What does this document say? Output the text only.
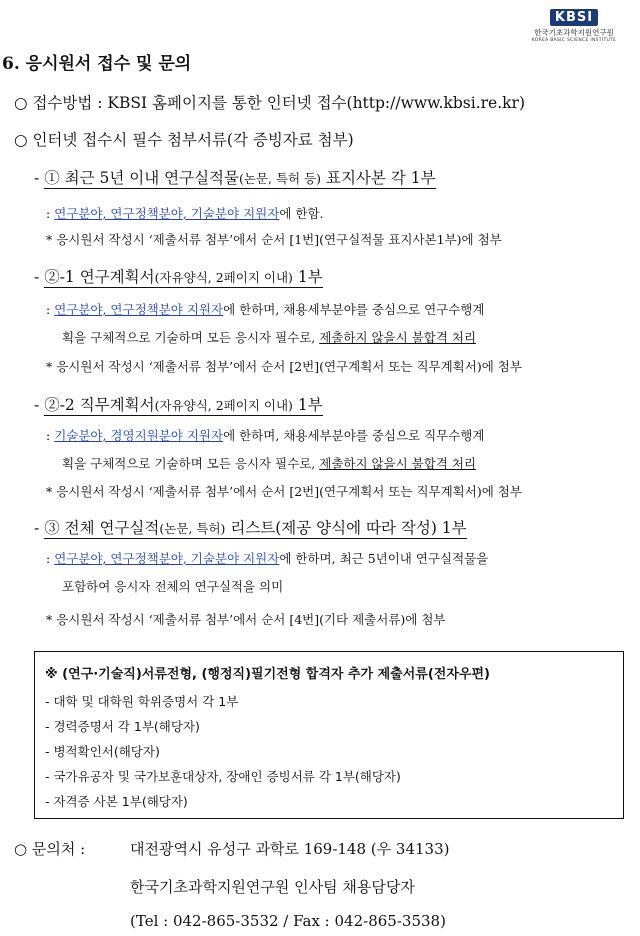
KBSI
한국기초과학지원연구원
KOREA BASIC SCIENCE INSTITUTE
6. 응시원서 접수 및 문의
○ 접수방법 : KBSI 홈페이지를 통한 인터넷 접수(http://www.kbsi.re.kr)
○ 인터넷 접수시 필수 첨부서류(각 증빙자료 첨부)
- ① 최근 5년 이내 연구실적물(논문, 특허 등) 표지사본 각 1부
: 연구분야, 연구정책분야, 기술분야 지원자에 한함.
* 응시원서 작성시 ‘제출서류 첨부’에서 순서 [1번](연구실적물 표지사본1부)에 첨부
- ②-1 연구계획서(자유양식, 2페이지 이내) 1부
: 연구분야, 연구정책분야 지원자에 한하며, 채용세부분야를 중심으로 연구수행계
획을 구체적으로 기술하며 모든 응시자 필수로, 제출하지 않을시 불합격 처리
* 응시원서 작성시 ‘제출서류 첨부’에서 순서 [2번](연구계획서 또는 직무계획서)에 첨부
- ②-2 직무계획서(자유양식, 2페이지 이내) 1부
: 기술분야, 경영지원분야 지원자에 한하며, 채용세부분야를 중심으로 직무수행계
획을 구체적으로 기술하며 모든 응시자 필수로, 제출하지 않을시 불합격 처리
* 응시원서 작성시 ‘제출서류 첨부’에서 순서 [2번](연구계획서 또는 직무계획서)에 첨부
- ③ 전체 연구실적(논문, 특허) 리스트(제공 양식에 따라 작성) 1부
: 연구분야, 연구정책분야, 기술분야 지원자에 한하며, 최근 5년이내 연구실적물을
포함하여 응시자 전체의 연구실적을 의미
* 응시원서 작성시 ‘제출서류 첨부’에서 순서 [4번](기타 제출서류)에 첨부
※ (연구·기술직)서류전형, (행정직)필기전형 합격자 추가 제출서류(전자우편)
- 대학 및 대학원 학위증명서 각 1부
- 경력증명서 각 1부(해당자)
- 병적확인서(해당자)
- 국가유공자 및 국가보훈대상자, 장애인 증빙서류 각 1부(해당자)
- 자격증 사본 1부(해당자)
○ 문의처 :	대전광역시 유성구 과학로 169-148 (우 34133)
한국기초과학지원연구원 인사팀 채용담당자
(Tel : 042-865-3532 / Fax : 042-865-3538)
